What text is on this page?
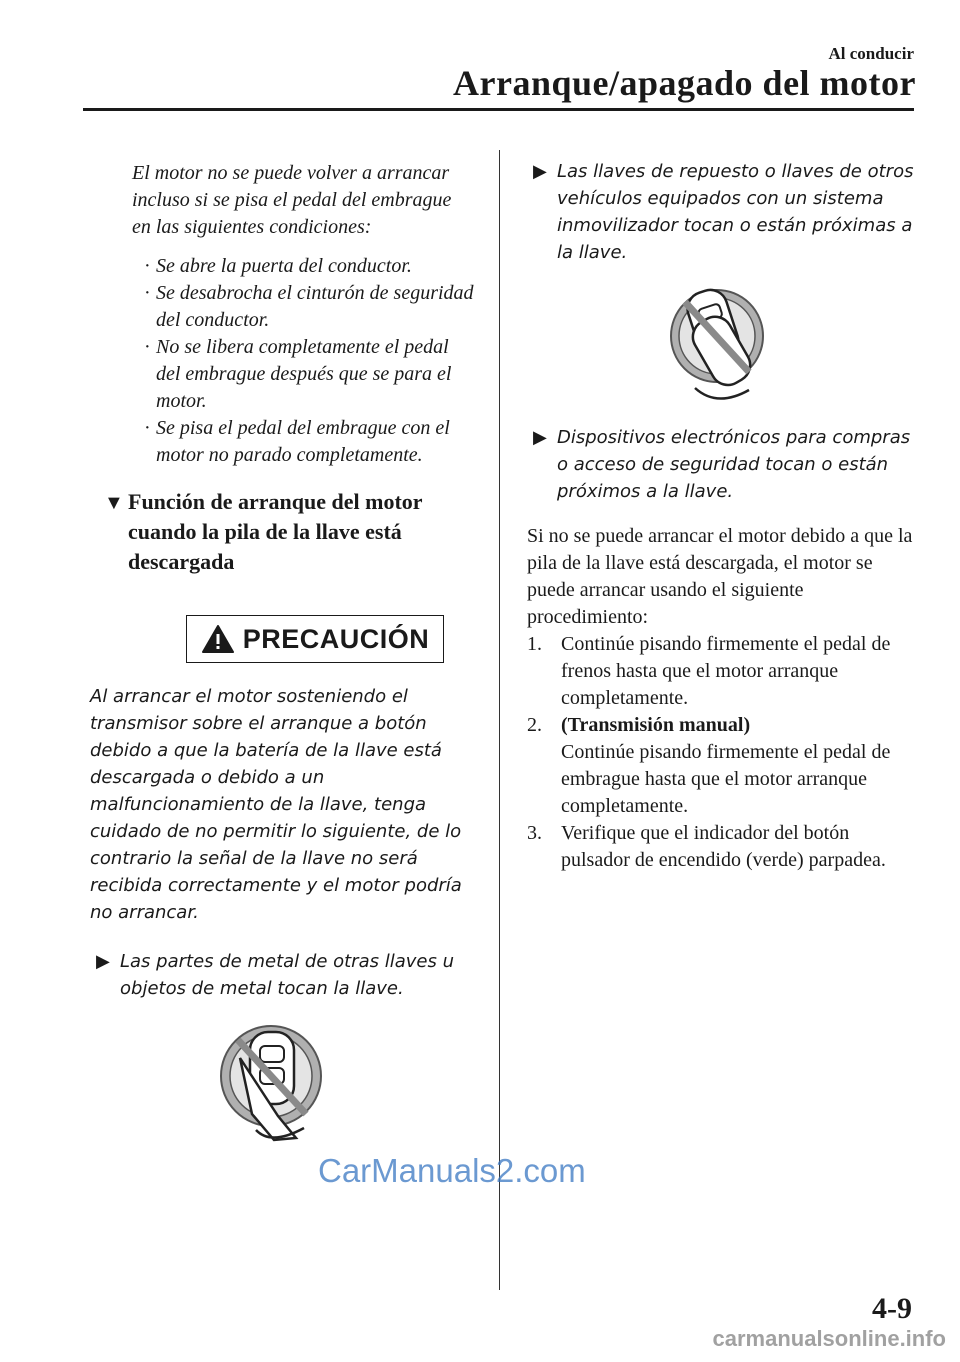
Al conducir
Arranque/apagado del motor
El motor no se puede volver a arrancar incluso si se pisa el pedal del embrague en las siguientes condiciones:
· Se abre la puerta del conductor.
· Se desabrocha el cinturón de seguridad del conductor.
· No se libera completamente el pedal del embrague después que se para el motor.
· Se pisa el pedal del embrague con el motor no parado completamente.
▼ Función de arranque del motor cuando la pila de la llave está descargada
PRECAUCIÓN
Al arrancar el motor sosteniendo el transmisor sobre el arranque a botón debido a que la batería de la llave está descargada o debido a un malfuncionamiento de la llave, tenga cuidado de no permitir lo siguiente, de lo contrario la señal de la llave no será recibida correctamente y el motor podría no arrancar.
▶ Las partes de metal de otras llaves u objetos de metal tocan la llave.
▶ Las llaves de repuesto o llaves de otros vehículos equipados con un sistema inmovilizador tocan o están próximas a la llave.
▶ Dispositivos electrónicos para compras o acceso de seguridad tocan o están próximos a la llave.
Si no se puede arrancar el motor debido a que la pila de la llave está descargada, el motor se puede arrancar usando el siguiente procedimiento:
1. Continúe pisando firmemente el pedal de frenos hasta que el motor arranque completamente.
2. (Transmisión manual)
Continúe pisando firmemente el pedal de embrague hasta que el motor arranque completamente.
3. Verifique que el indicador del botón pulsador de encendido (verde) parpadea.
CarManuals2.com
4-9
carmanualsonline.info
